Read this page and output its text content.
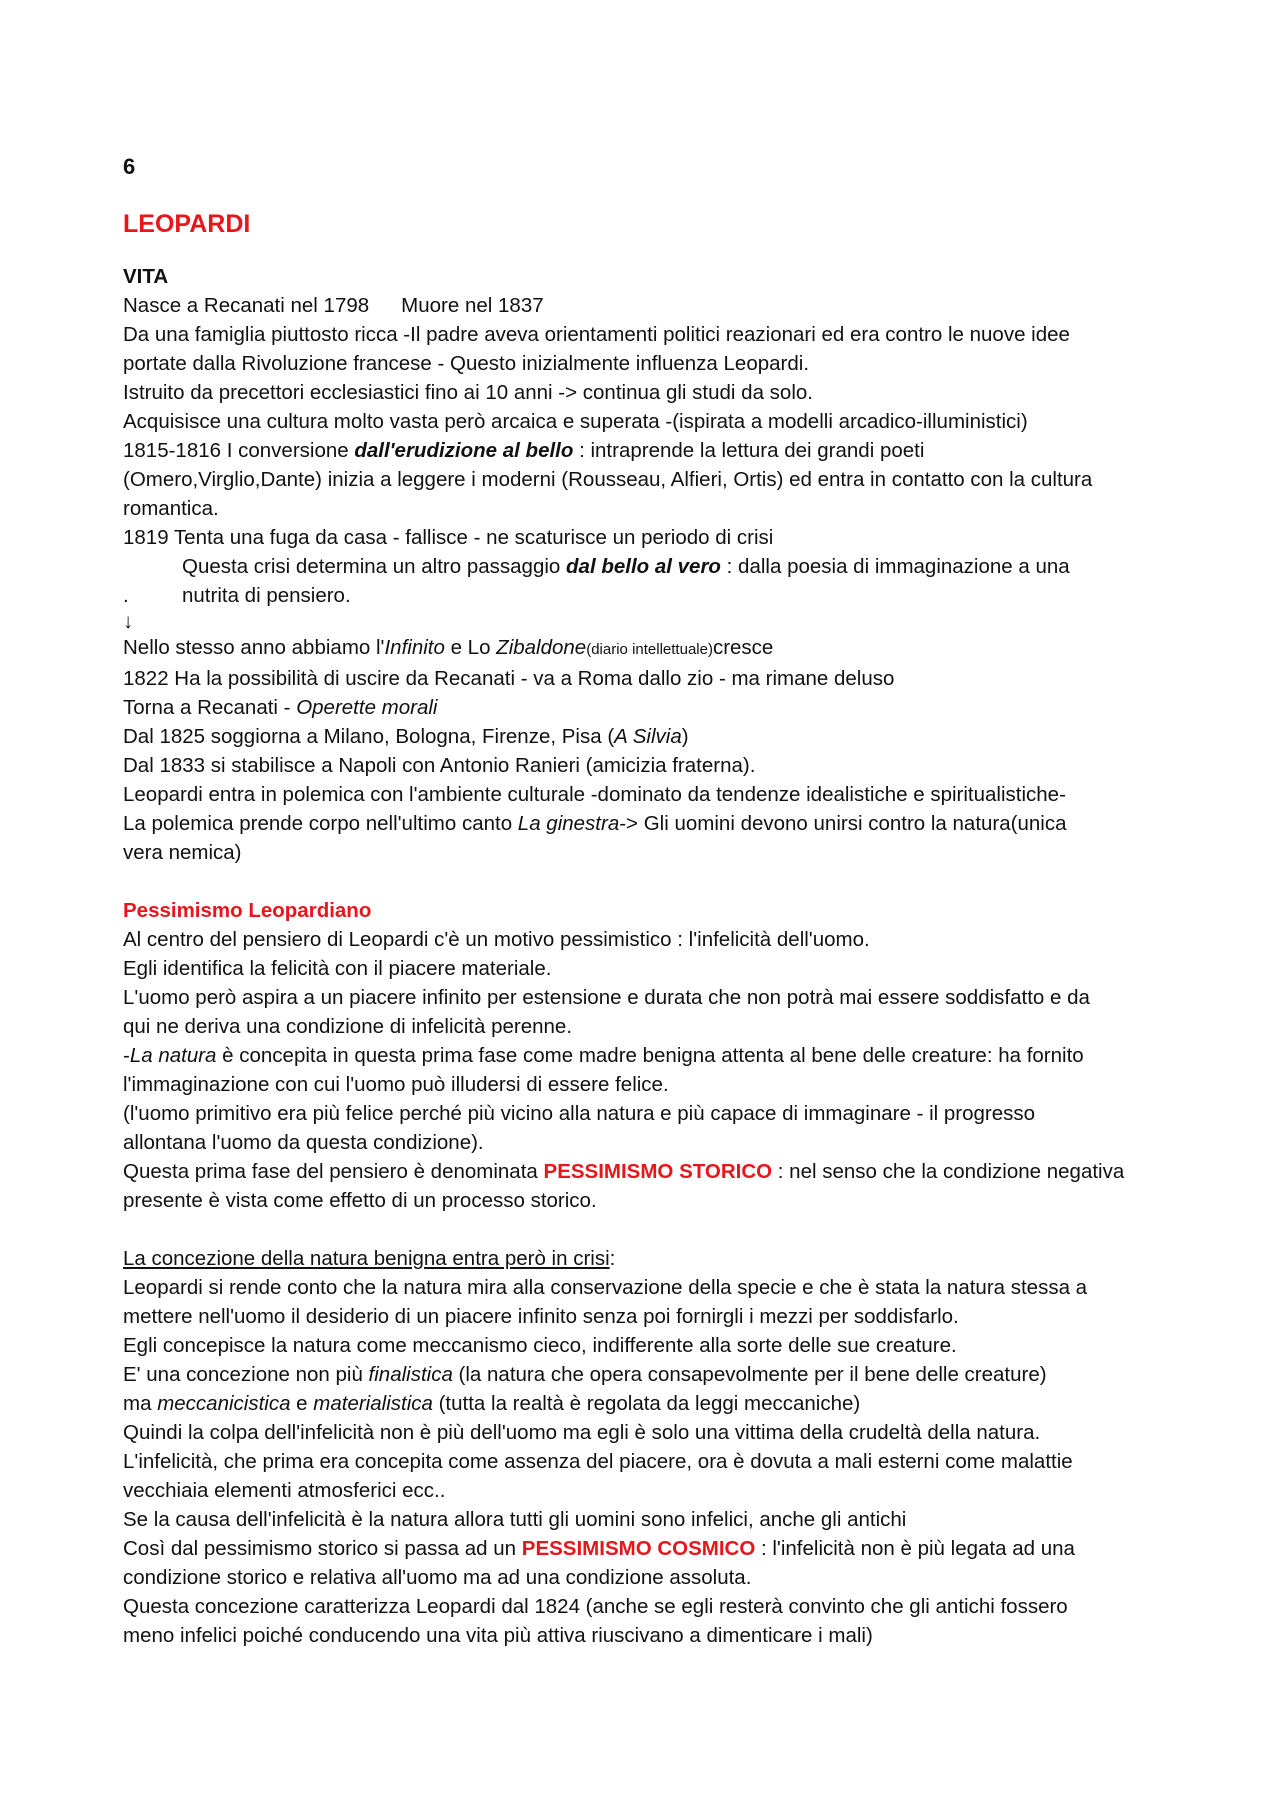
6

LEOPARDI

VITA

Nasce a Recanati nel 1798 Muore nel 1837

Da una famiglia piuttosto ricca -Il padre aveva orientamenti politici reazionari ed era contro le nuove idee

portate dalla Rivoluzione francese - Questo inizialmente influenza Leopardi.

Istruito da precettori ecclesiastici fino ai 10 anni -> continua gli studi da solo.

Acquisisce una cultura molto vasta però arcaica e superata -(ispirata a modelli arcadico-illuministici)

1815-1816 I conversione dall'erudizione al bello : intraprende la lettura dei grandi poeti

(Omero,Virglio,Dante) inizia a leggere i moderni (Rousseau, Alfieri, Ortis) ed entra in contatto con la cultura

romantica.

1819 Tenta una fuga da casa - fallisce - ne scaturisce un periodo di crisi

Questa crisi determina un altro passaggio dal bello al vero : dalla poesia di immaginazione a una

.	nutrita di pensiero.

↓

Nello stesso anno abbiamo l'Infinito e Lo Zibaldone(diario intellettuale)cresce

1822 Ha la possibilità di uscire da Recanati - va a Roma dallo zio - ma rimane deluso

Torna a Recanati - Operette morali

Dal 1825 soggiorna a Milano, Bologna, Firenze, Pisa (A Silvia)

Dal 1833 si stabilisce a Napoli con Antonio Ranieri (amicizia fraterna).

Leopardi entra in polemica con l'ambiente culturale -dominato da tendenze idealistiche e spiritualistiche-

La polemica prende corpo nell'ultimo canto La ginestra-> Gli uomini devono unirsi contro la natura(unica

vera nemica)

Pessimismo Leopardiano

Al centro del pensiero di Leopardi c'è un motivo pessimistico : l'infelicità dell'uomo.

Egli identifica la felicità con il piacere materiale.

L'uomo però aspira a un piacere infinito per estensione e durata che non potrà mai essere soddisfatto e da

qui ne deriva una condizione di infelicità perenne.

-La natura è concepita in questa prima fase come madre benigna attenta al bene delle creature: ha fornito

l'immaginazione con cui l'uomo può illudersi di essere felice.

(l'uomo primitivo era più felice perché più vicino alla natura e più capace di immaginare - il progresso

allontana l'uomo da questa condizione).

Questa prima fase del pensiero è denominata PESSIMISMO STORICO : nel senso che la condizione negativa

presente è vista come effetto di un processo storico.

La concezione della natura benigna entra però in crisi:

Leopardi si rende conto che la natura mira alla conservazione della specie e che è stata la natura stessa a

mettere nell'uomo il desiderio di un piacere infinito senza poi fornirgli i mezzi per soddisfarlo.

Egli concepisce la natura come meccanismo cieco, indifferente alla sorte delle sue creature.

E' una concezione non più finalistica (la natura che opera consapevolmente per il bene delle creature)

ma meccanicistica e materialistica (tutta la realtà è regolata da leggi meccaniche)

Quindi la colpa dell'infelicità non è più dell'uomo ma egli è solo una vittima della crudeltà della natura.

L'infelicità, che prima era concepita come assenza del piacere, ora è dovuta a mali esterni come malattie

vecchiaia elementi atmosferici ecc..

Se la causa dell'infelicità è la natura allora tutti gli uomini sono infelici, anche gli antichi

Così dal pessimismo storico si passa ad un PESSIMISMO COSMICO : l'infelicità non è più legata ad una

condizione storico e relativa all'uomo ma ad una condizione assoluta.

Questa concezione caratterizza Leopardi dal 1824 (anche se egli resterà convinto che gli antichi fossero

meno infelici poiché conducendo una vita più attiva riuscivano a dimenticare i mali)
